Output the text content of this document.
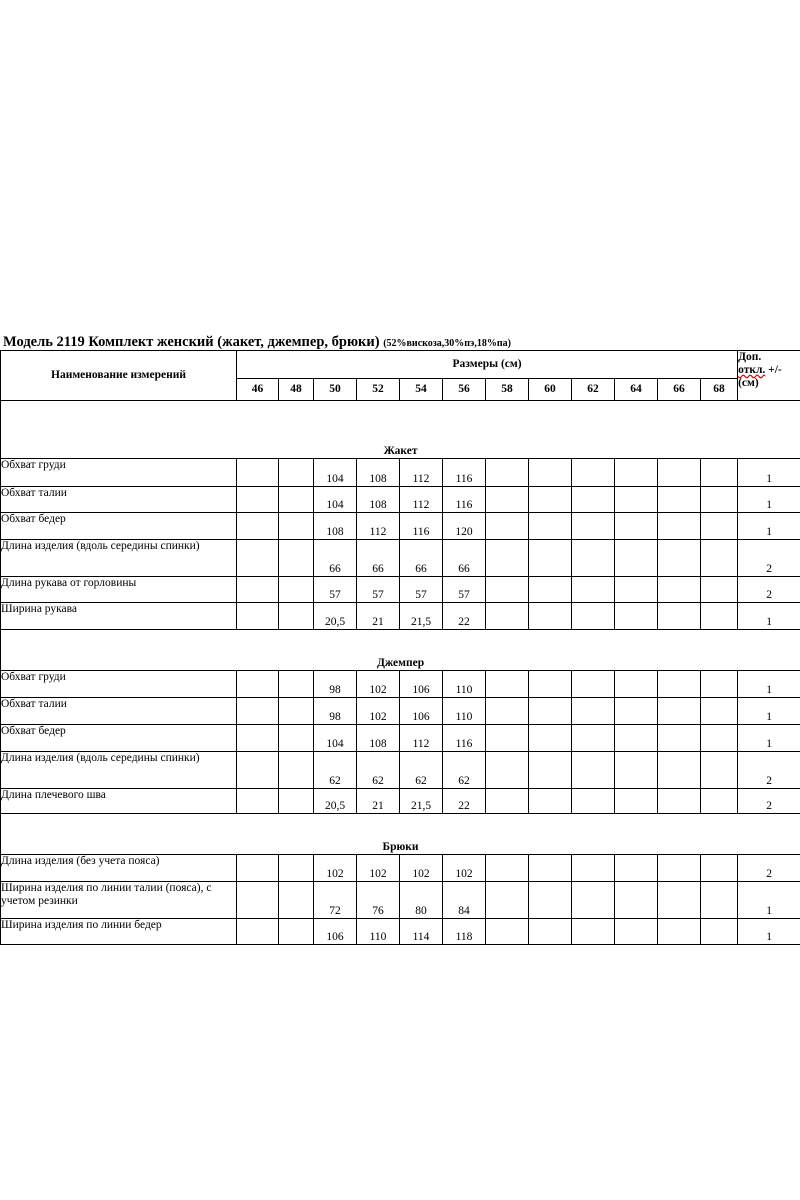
Модель 2119 Комплект женский (жакет, джемпер, брюки) (52%вискоза,30%пэ,18%па)
Наименование измерений	Размеры (см)												Доп.
откл. +/-
(см)
	46	48	50	52	54	56	58	60	62	64	66	68	
Жакет													
Обхват груди			104	108	112	116							1
Обхват талии			104	108	112	116							1
Обхват бедер			108	112	116	120							1
Длина изделия (вдоль середины спинки)			66	66	66	66							2
Длина рукава от горловины			57	57	57	57							2
Ширина рукава			20,5	21	21,5	22							1
Джемпер													
Обхват груди			98	102	106	110							1
Обхват талии			98	102	106	110							1
Обхват бедер			104	108	112	116							1
Длина изделия (вдоль середины спинки)			62	62	62	62							2
Длина плечевого шва			20,5	21	21,5	22							2
Брюки													
Длина изделия (без учета пояса)			102	102	102	102							2
Ширина изделия по линии талии (пояса), с учетом резинки			72	76	80	84							1
Ширина изделия по линии бедер			106	110	114	118							1
